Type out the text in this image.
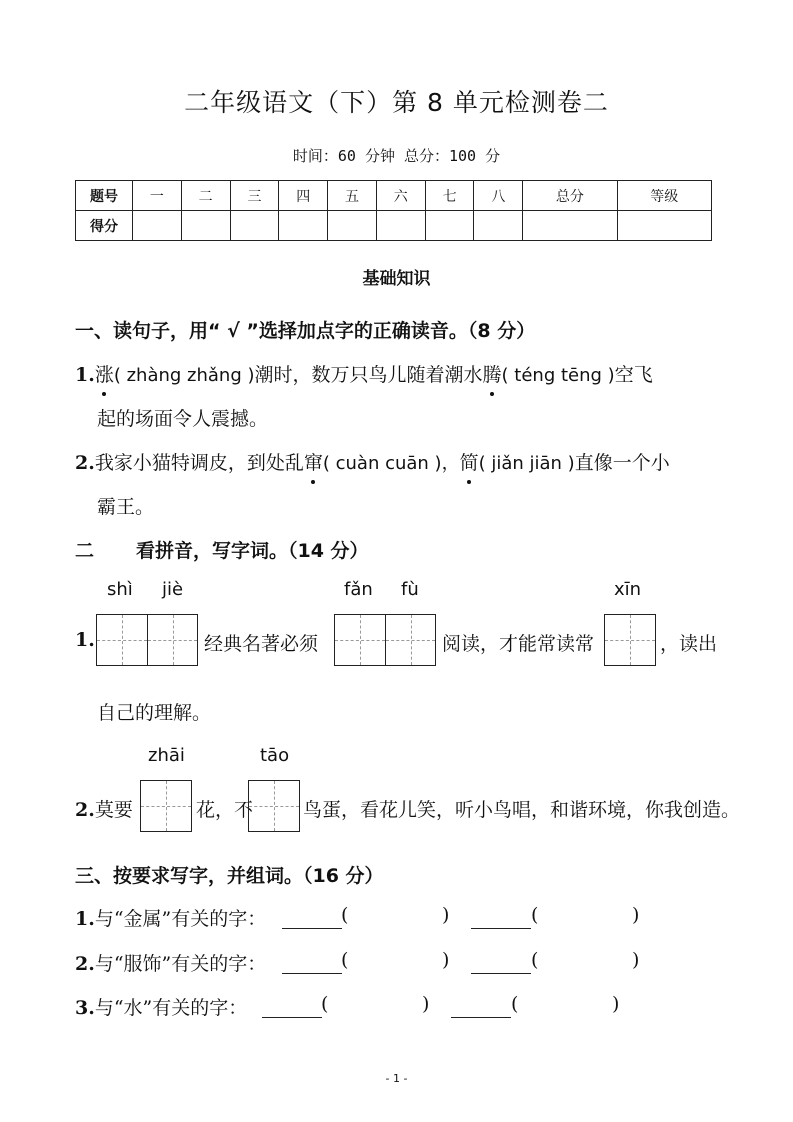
二年级语文（下）第 8 单元检测卷二
时间：60 分钟 总分：100 分
题号	一	二	三	四	五	六	七	八	总分	等级
得分										
基础知识
一、读句子，用“ √ ”选择加点字的正确读音。（8 分）
1.涨( zhàng zhǎng )潮时，数万只鸟儿随着潮水腾( téng tēng )空飞
起的场面令人震撼。
2.我家小猫特调皮，到处乱窜( cuàn cuān )，简( jiǎn jiān )直像一个小
霸王。
二 看拼音，写字词。（14 分）
shì jiè	fǎn fù	xīn
1.	经典名著必须	阅读，才能常读常	，读出
自己的理解。
zhāi	tāo
2.莫要	花，不	鸟蛋，看花儿笑，听小鸟唱，和谐环境，你我创造。
三、按要求写字，并组词。（16 分）
1.与“金属”有关的字：	(	)	(	)
2.与“服饰”有关的字：	(	)	(	)
3.与“水”有关的字：	(	)	(	)
- 1 -
